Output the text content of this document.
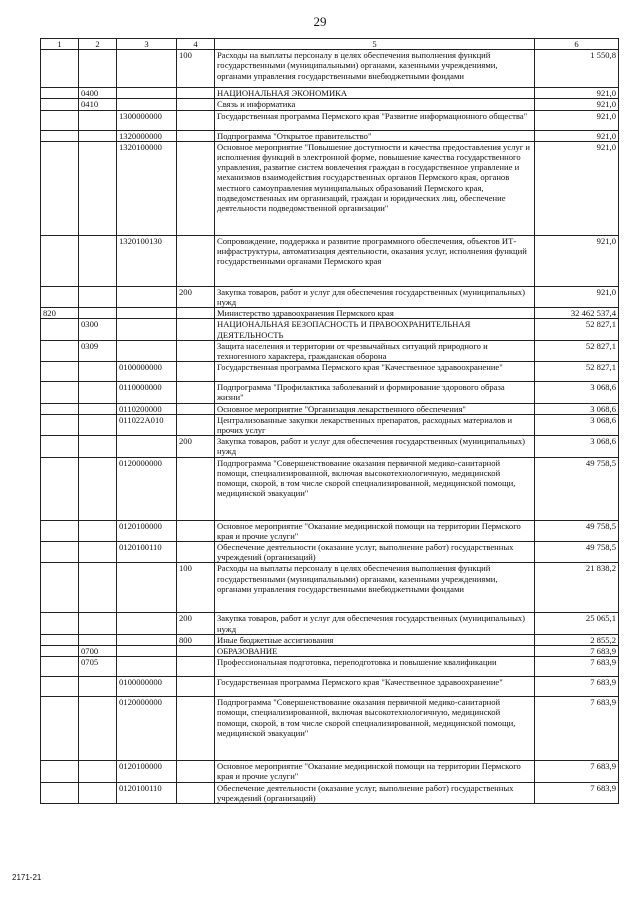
29
1	2	3	4	5	6
			100	Расходы на выплаты персоналу в целях обеспечения выполнения функций государственными (муниципальными) органами, казенными учреждениями, органами управления государственными внебюджетными фондами	1 550,8
	0400			НАЦИОНАЛЬНАЯ ЭКОНОМИКА	921,0
	0410			Связь и информатика	921,0
		1300000000		Государственная программа Пермского края "Развитие информационного общества"	921,0
		1320000000		Подпрограмма "Открытое правительство"	921,0
		1320100000		Основное мероприятие "Повышение доступности и качества предоставления услуг и исполнения функций в электронной форме, повышение качества государственного управления, развитие систем вовлечения граждан в государственное управление и механизмов взаимодействия государственных органов Пермского края, органов местного самоуправления муниципальных образований Пермского края, подведомственных им организаций, граждан и юридических лиц, обеспечение деятельности подведомственной организации"	921,0
		1320100130		Сопровождение, поддержка и развитие программного обеспечения, объектов ИТ-инфраструктуры, автоматизация деятельности, оказания услуг, исполнения функций государственными органами Пермского края	921,0
			200	Закупка товаров, работ и услуг для обеспечения государственных (муниципальных) нужд	921,0
820				Министерство здравоохранения Пермского края	32 462 537,4
	0300			НАЦИОНАЛЬНАЯ БЕЗОПАСНОСТЬ И ПРАВООХРАНИТЕЛЬНАЯ ДЕЯТЕЛЬНОСТЬ	52 827,1
	0309			Защита населения и территории от чрезвычайных ситуаций природного и техногенного характера, гражданская оборона	52 827,1
		0100000000		Государственная программа Пермского края "Качественное здравоохранение"	52 827,1
		0110000000		Подпрограмма "Профилактика заболеваний и формирование здорового образа жизни"	3 068,6
		0110200000		Основное мероприятие "Организация лекарственного обеспечения"	3 068,6
		011022А010		Централизованные закупки лекарственных препаратов, расходных материалов и прочих услуг	3 068,6
			200	Закупка товаров, работ и услуг для обеспечения государственных (муниципальных) нужд	3 068,6
		0120000000		Подпрограмма "Совершенствование оказания первичной медико-санитарной помощи, специализированной, включая высокотехнологичную, медицинской помощи, скорой, в том числе скорой специализированной, медицинской помощи, медицинской эвакуации"	49 758,5
		0120100000		Основное мероприятие "Оказание медицинской помощи на территории Пермского края и прочие услуги"	49 758,5
		0120100110		Обеспечение деятельности (оказание услуг, выполнение работ) государственных учреждений (организаций)	49 758,5
			100	Расходы на выплаты персоналу в целях обеспечения выполнения функций государственными (муниципальными) органами, казенными учреждениями, органами управления государственными внебюджетными фондами	21 838,2
			200	Закупка товаров, работ и услуг для обеспечения государственных (муниципальных) нужд	25 065,1
			800	Иные бюджетные ассигнования	2 855,2
	0700			ОБРАЗОВАНИЕ	7 683,9
	0705			Профессиональная подготовка, переподготовка и повышение квалификации	7 683,9
		0100000000		Государственная программа Пермского края "Качественное здравоохранение"	7 683,9
		0120000000		Подпрограмма "Совершенствование оказания первичной медико-санитарной помощи, специализированной, включая высокотехнологичную, медицинской помощи, скорой, в том числе скорой специализированной, медицинской помощи, медицинской эвакуации"	7 683,9
		0120100000		Основное мероприятие "Оказание медицинской помощи на территории Пермского края и прочие услуги"	7 683,9
		0120100110		Обеспечение деятельности (оказание услуг, выполнение работ) государственных учреждений (организаций)	7 683,9
2171-21
